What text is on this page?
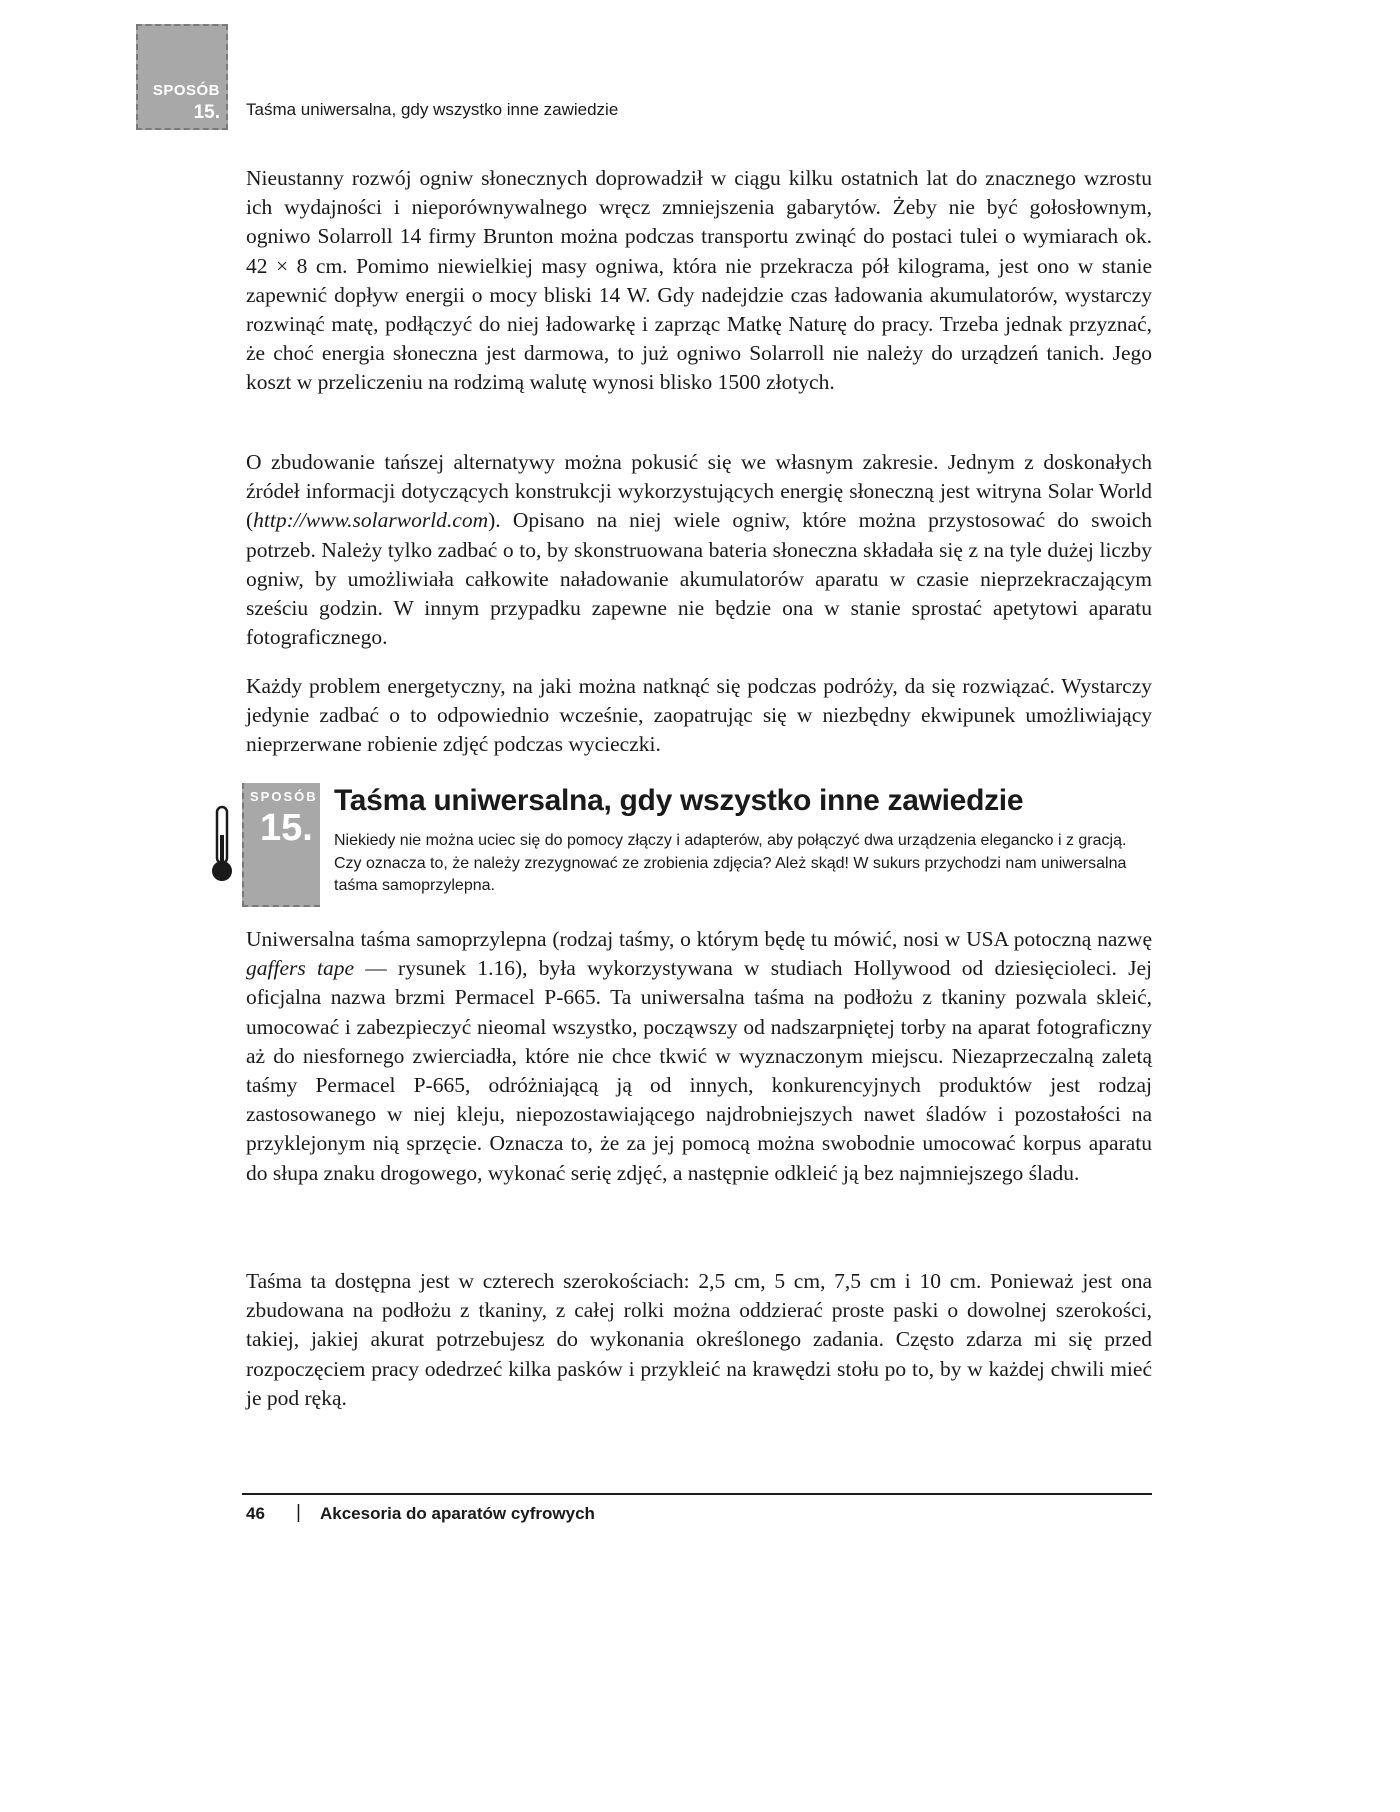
SPOSÓB
15. Taśma uniwersalna, gdy wszystko inne zawiedzie

Nieustanny rozwój ogniw słonecznych doprowadził w ciągu kilku ostatnich lat do znacznego wzrostu ich wydajności i nieporównywalnego wręcz zmniejszenia gabarytów. Żeby nie być gołosłownym, ogniwo Solarroll 14 firmy Brunton można podczas transportu zwinąć do postaci tulei o wymiarach ok. 42 × 8 cm. Pomimo niewielkiej masy ogniwa, która nie przekracza pół kilograma, jest ono w stanie zapewnić dopływ energii o mocy bliski 14 W. Gdy nadejdzie czas ładowania akumulatorów, wystarczy rozwinąć matę, podłączyć do niej ładowarkę i zaprząc Matkę Naturę do pracy. Trzeba jednak przyznać, że choć energia słoneczna jest darmowa, to już ogniwo Solarroll nie należy do urządzeń tanich. Jego koszt w przeliczeniu na rodzimą walutę wynosi blisko 1500 złotych.

O zbudowanie tańszej alternatywy można pokusić się we własnym zakresie. Jednym z doskonałych źródeł informacji dotyczących konstrukcji wykorzystujących energię słoneczną jest witryna Solar World (http://www.solarworld.com). Opisano na niej wiele ogniw, które można przystosować do swoich potrzeb. Należy tylko zadbać o to, by skonstruowana bateria słoneczna składała się z na tyle dużej liczby ogniw, by umożliwiała całkowite naładowanie akumulatorów aparatu w czasie nieprzekraczającym sześciu godzin. W innym przypadku zapewne nie będzie ona w stanie sprostać apetytowi aparatu fotograficznego.

Każdy problem energetyczny, na jaki można natknąć się podczas podróży, da się rozwiązać. Wystarczy jedynie zadbać o to odpowiednio wcześnie, zaopatrując się w niezbędny ekwipunek umożliwiający nieprzerwane robienie zdjęć podczas wycieczki.

SPOSÓB
15.
Taśma uniwersalna, gdy wszystko inne zawiedzie

Niekiedy nie można uciec się do pomocy złączy i adapterów, aby połączyć dwa urządzenia elegancko i z gracją. Czy oznacza to, że należy zrezygnować ze zrobienia zdjęcia? Ależ skąd! W sukurs przychodzi nam uniwersalna taśma samoprzylepna.

Uniwersalna taśma samoprzylepna (rodzaj taśmy, o którym będę tu mówić, nosi w USA potoczną nazwę gaffers tape — rysunek 1.16), była wykorzystywana w studiach Hollywood od dziesięcioleci. Jej oficjalna nazwa brzmi Permacel P-665. Ta uniwersalna taśma na podłożu z tkaniny pozwala skleić, umocować i zabezpieczyć nieomal wszystko, począwszy od nadszarpniętej torby na aparat fotograficzny aż do niesfornego zwierciadła, które nie chce tkwić w wyznaczonym miejscu. Niezaprzeczalną zaletą taśmy Permacel P-665, odróżniającą ją od innych, konkurencyjnych produktów jest rodzaj zastosowanego w niej kleju, niepozostawiającego najdrobniejszych nawet śladów i pozostałości na przyklejonym nią sprzęcie. Oznacza to, że za jej pomocą można swobodnie umocować korpus aparatu do słupa znaku drogowego, wykonać serię zdjęć, a następnie odkleić ją bez najmniejszego śladu.

Taśma ta dostępna jest w czterech szerokościach: 2,5 cm, 5 cm, 7,5 cm i 10 cm. Ponieważ jest ona zbudowana na podłożu z tkaniny, z całej rolki można oddzierać proste paski o dowolnej szerokości, takiej, jakiej akurat potrzebujesz do wykonania określonego zadania. Często zdarza mi się przed rozpoczęciem pracy odedrzeć kilka pasków i przykleić na krawędzi stołu po to, by w każdej chwili mieć je pod ręką.

46 | Akcesoria do aparatów cyfrowych
